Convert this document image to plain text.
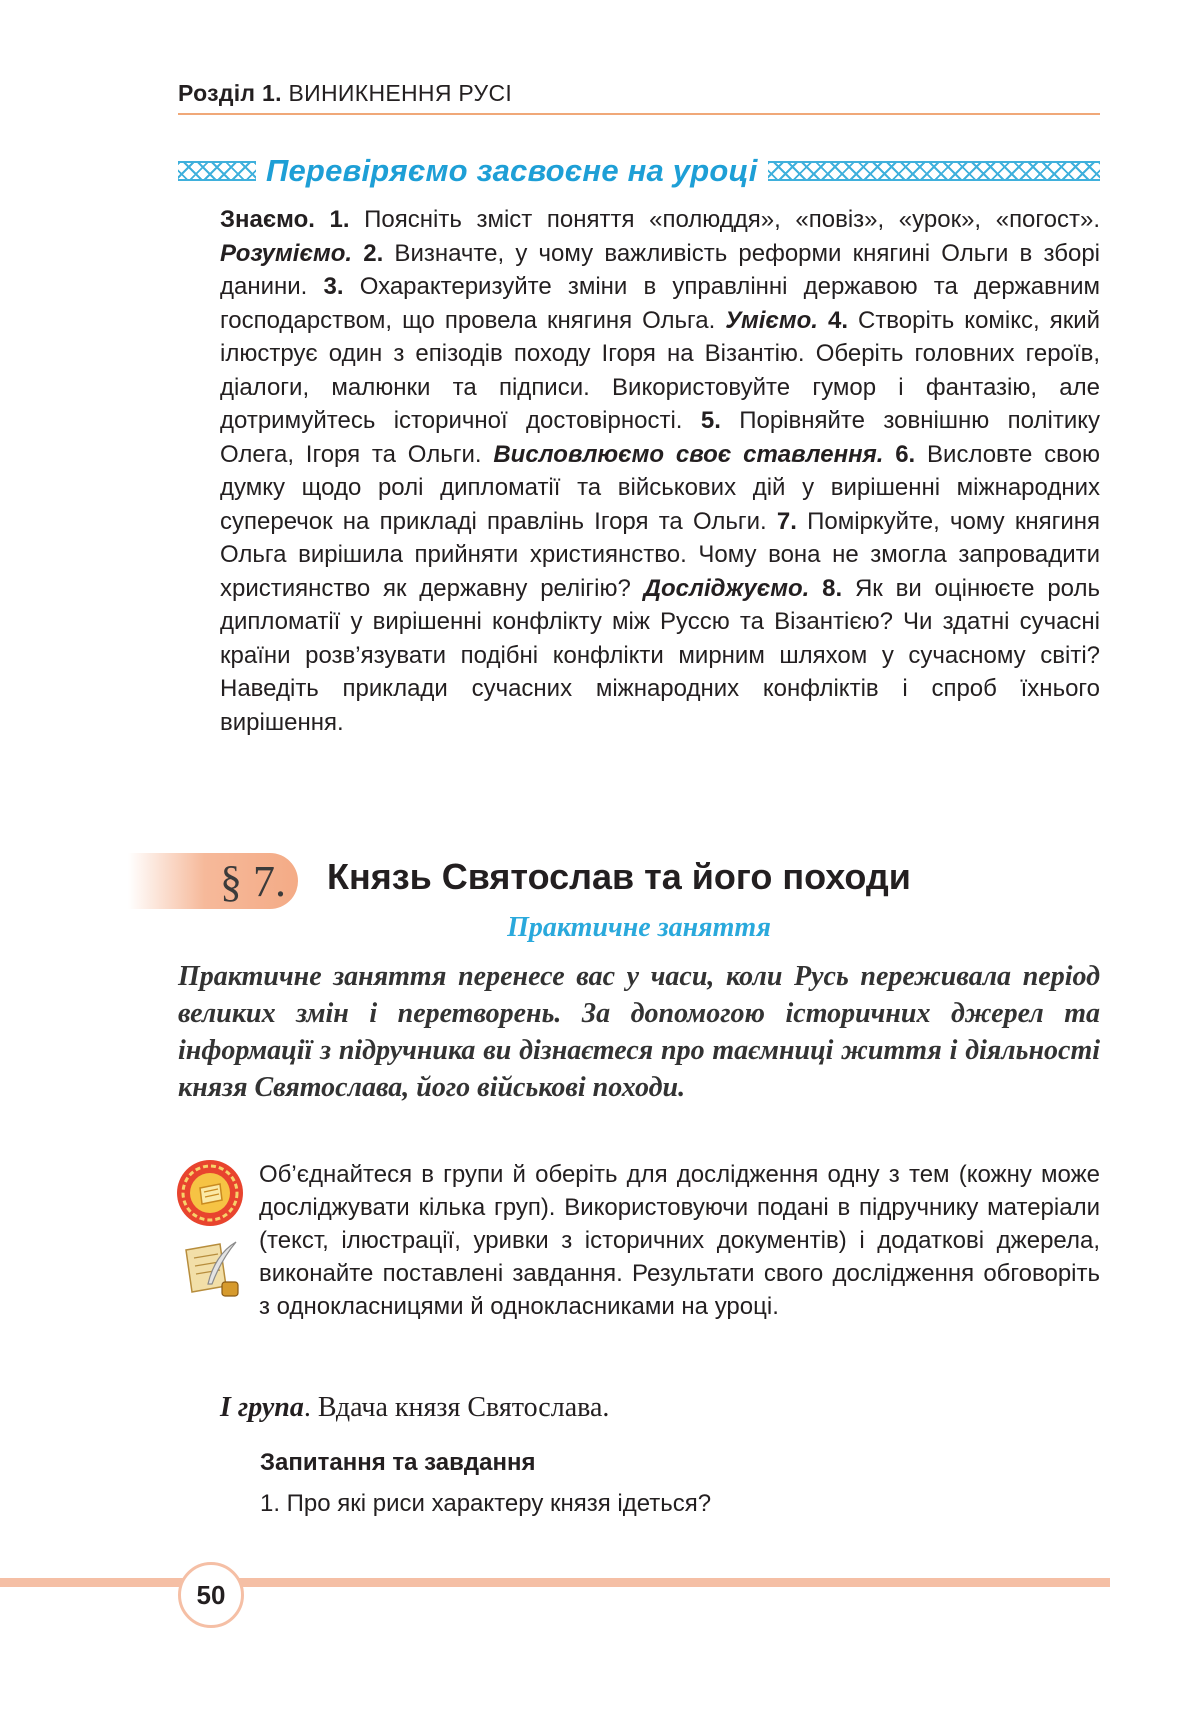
Розділ 1. ВИНИКНЕННЯ РУСІ
Перевіряємо засвоєне на уроці
Знаємо. 1. Поясніть зміст поняття «полюддя», «повіз», «урок», «погост». Розуміємо. 2. Визначте, у чому важливість реформи княгині Ольги в зборі данини. 3. Охарактеризуйте зміни в управлінні державою та державним господарством, що провела княгиня Ольга. Уміємо. 4. Створіть комікс, який ілюструє один з епізодів походу Ігоря на Візантію. Оберіть головних героїв, діалоги, малюнки та підписи. Використовуйте гумор і фантазію, але дотримуйтесь історичної достовірності. 5. Порівняйте зовнішню політику Олега, Ігоря та Ольги. Висловлюємо своє ставлення. 6. Висловте свою думку щодо ролі дипломатії та військових дій у вирішенні міжнародних суперечок на прикладі правлінь Ігоря та Ольги. 7. Поміркуйте, чому княгиня Ольга вирішила прийняти християнство. Чому вона не змогла запровадити християнство як державну релігію? Досліджуємо. 8. Як ви оцінюєте роль дипломатії у вирішенні конфлікту між Руссю та Візантією? Чи здатні сучасні країни розв’язувати подібні конфлікти мирним шляхом у сучасному світі? Наведіть приклади сучасних міжнародних конфліктів і спроб їхнього вирішення.
§ 7. Князь Святослав та його походи
Практичне заняття
Практичне заняття перенесе вас у часи, коли Русь переживала період великих змін і перетворень. За допомогою історичних джерел та інформації з підручника ви дізнаєтеся про таємниці життя і діяльності князя Святослава, його військові походи.
Об’єднайтеся в групи й оберіть для дослідження одну з тем (кожну може досліджувати кілька груп). Використовуючи подані в підручнику матеріали (текст, ілюстрації, уривки з історичних документів) і додаткові джерела, виконайте поставлені завдання. Результати свого дослідження обговоріть з однокласницями й однокласниками на уроці.
І група. Вдача князя Святослава.
Запитання та завдання
1. Про які риси характеру князя ідеться?
50
